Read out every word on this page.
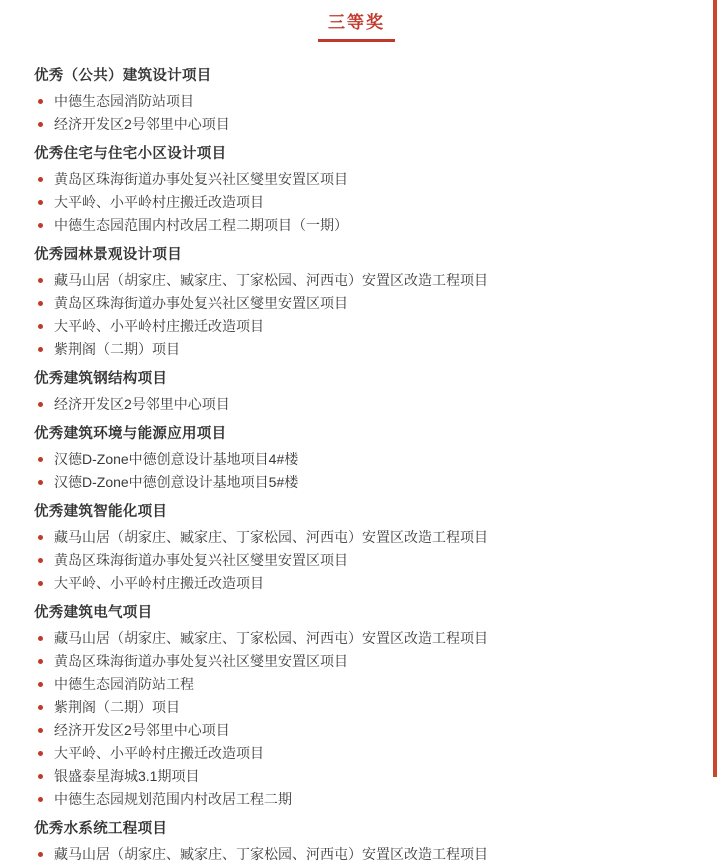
三等奖
优秀（公共）建筑设计项目
中德生态园消防站项目
经济开发区2号邻里中心项目
优秀住宅与住宅小区设计项目
黄岛区珠海街道办事处复兴社区燮里安置区项目
大平岭、小平岭村庄搬迁改造项目
中德生态园范围内村改居工程二期项目（一期）
优秀园林景观设计项目
藏马山居（胡家庄、臧家庄、丁家松园、河西屯）安置区改造工程项目
黄岛区珠海街道办事处复兴社区燮里安置区项目
大平岭、小平岭村庄搬迁改造项目
紫荆阁（二期）项目
优秀建筑钢结构项目
经济开发区2号邻里中心项目
优秀建筑环境与能源应用项目
汉德D-Zone中德创意设计基地项目4#楼
汉德D-Zone中德创意设计基地项目5#楼
优秀建筑智能化项目
藏马山居（胡家庄、臧家庄、丁家松园、河西屯）安置区改造工程项目
黄岛区珠海街道办事处复兴社区燮里安置区项目
大平岭、小平岭村庄搬迁改造项目
优秀建筑电气项目
藏马山居（胡家庄、臧家庄、丁家松园、河西屯）安置区改造工程项目
黄岛区珠海街道办事处复兴社区燮里安置区项目
中德生态园消防站工程
紫荆阁（二期）项目
经济开发区2号邻里中心项目
大平岭、小平岭村庄搬迁改造项目
银盛泰星海城3.1期项目
中德生态园规划范围内村改居工程二期
优秀水系统工程项目
藏马山居（胡家庄、臧家庄、丁家松园、河西屯）安置区改造工程项目
